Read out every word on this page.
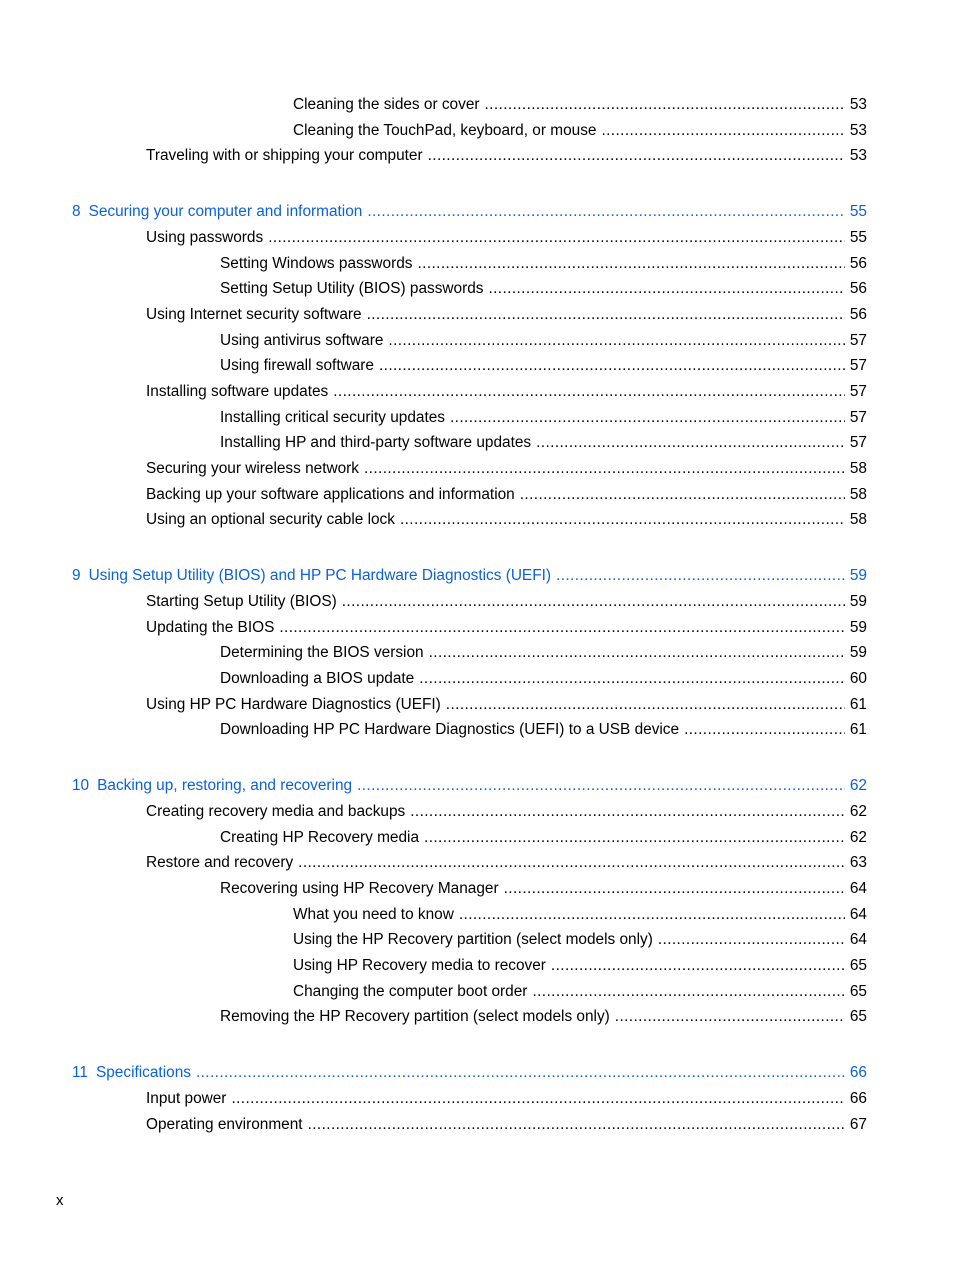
Cleaning the sides or cover .....	53
Cleaning the TouchPad, keyboard, or mouse .....	53
Traveling with or shipping your computer .....	53
8 Securing your computer and information .....	55
Using passwords .....	55
Setting Windows passwords .....	56
Setting Setup Utility (BIOS) passwords .....	56
Using Internet security software .....	56
Using antivirus software .....	57
Using firewall software .....	57
Installing software updates .....	57
Installing critical security updates .....	57
Installing HP and third-party software updates .....	57
Securing your wireless network .....	58
Backing up your software applications and information .....	58
Using an optional security cable lock .....	58
9 Using Setup Utility (BIOS) and HP PC Hardware Diagnostics (UEFI) .....	59
Starting Setup Utility (BIOS) .....	59
Updating the BIOS .....	59
Determining the BIOS version .....	59
Downloading a BIOS update .....	60
Using HP PC Hardware Diagnostics (UEFI) .....	61
Downloading HP PC Hardware Diagnostics (UEFI) to a USB device .....	61
10 Backing up, restoring, and recovering .....	62
Creating recovery media and backups .....	62
Creating HP Recovery media .....	62
Restore and recovery .....	63
Recovering using HP Recovery Manager .....	64
What you need to know .....	64
Using the HP Recovery partition (select models only) .....	64
Using HP Recovery media to recover .....	65
Changing the computer boot order .....	65
Removing the HP Recovery partition (select models only) .....	65
11 Specifications .....	66
Input power .....	66
Operating environment .....	67
x
